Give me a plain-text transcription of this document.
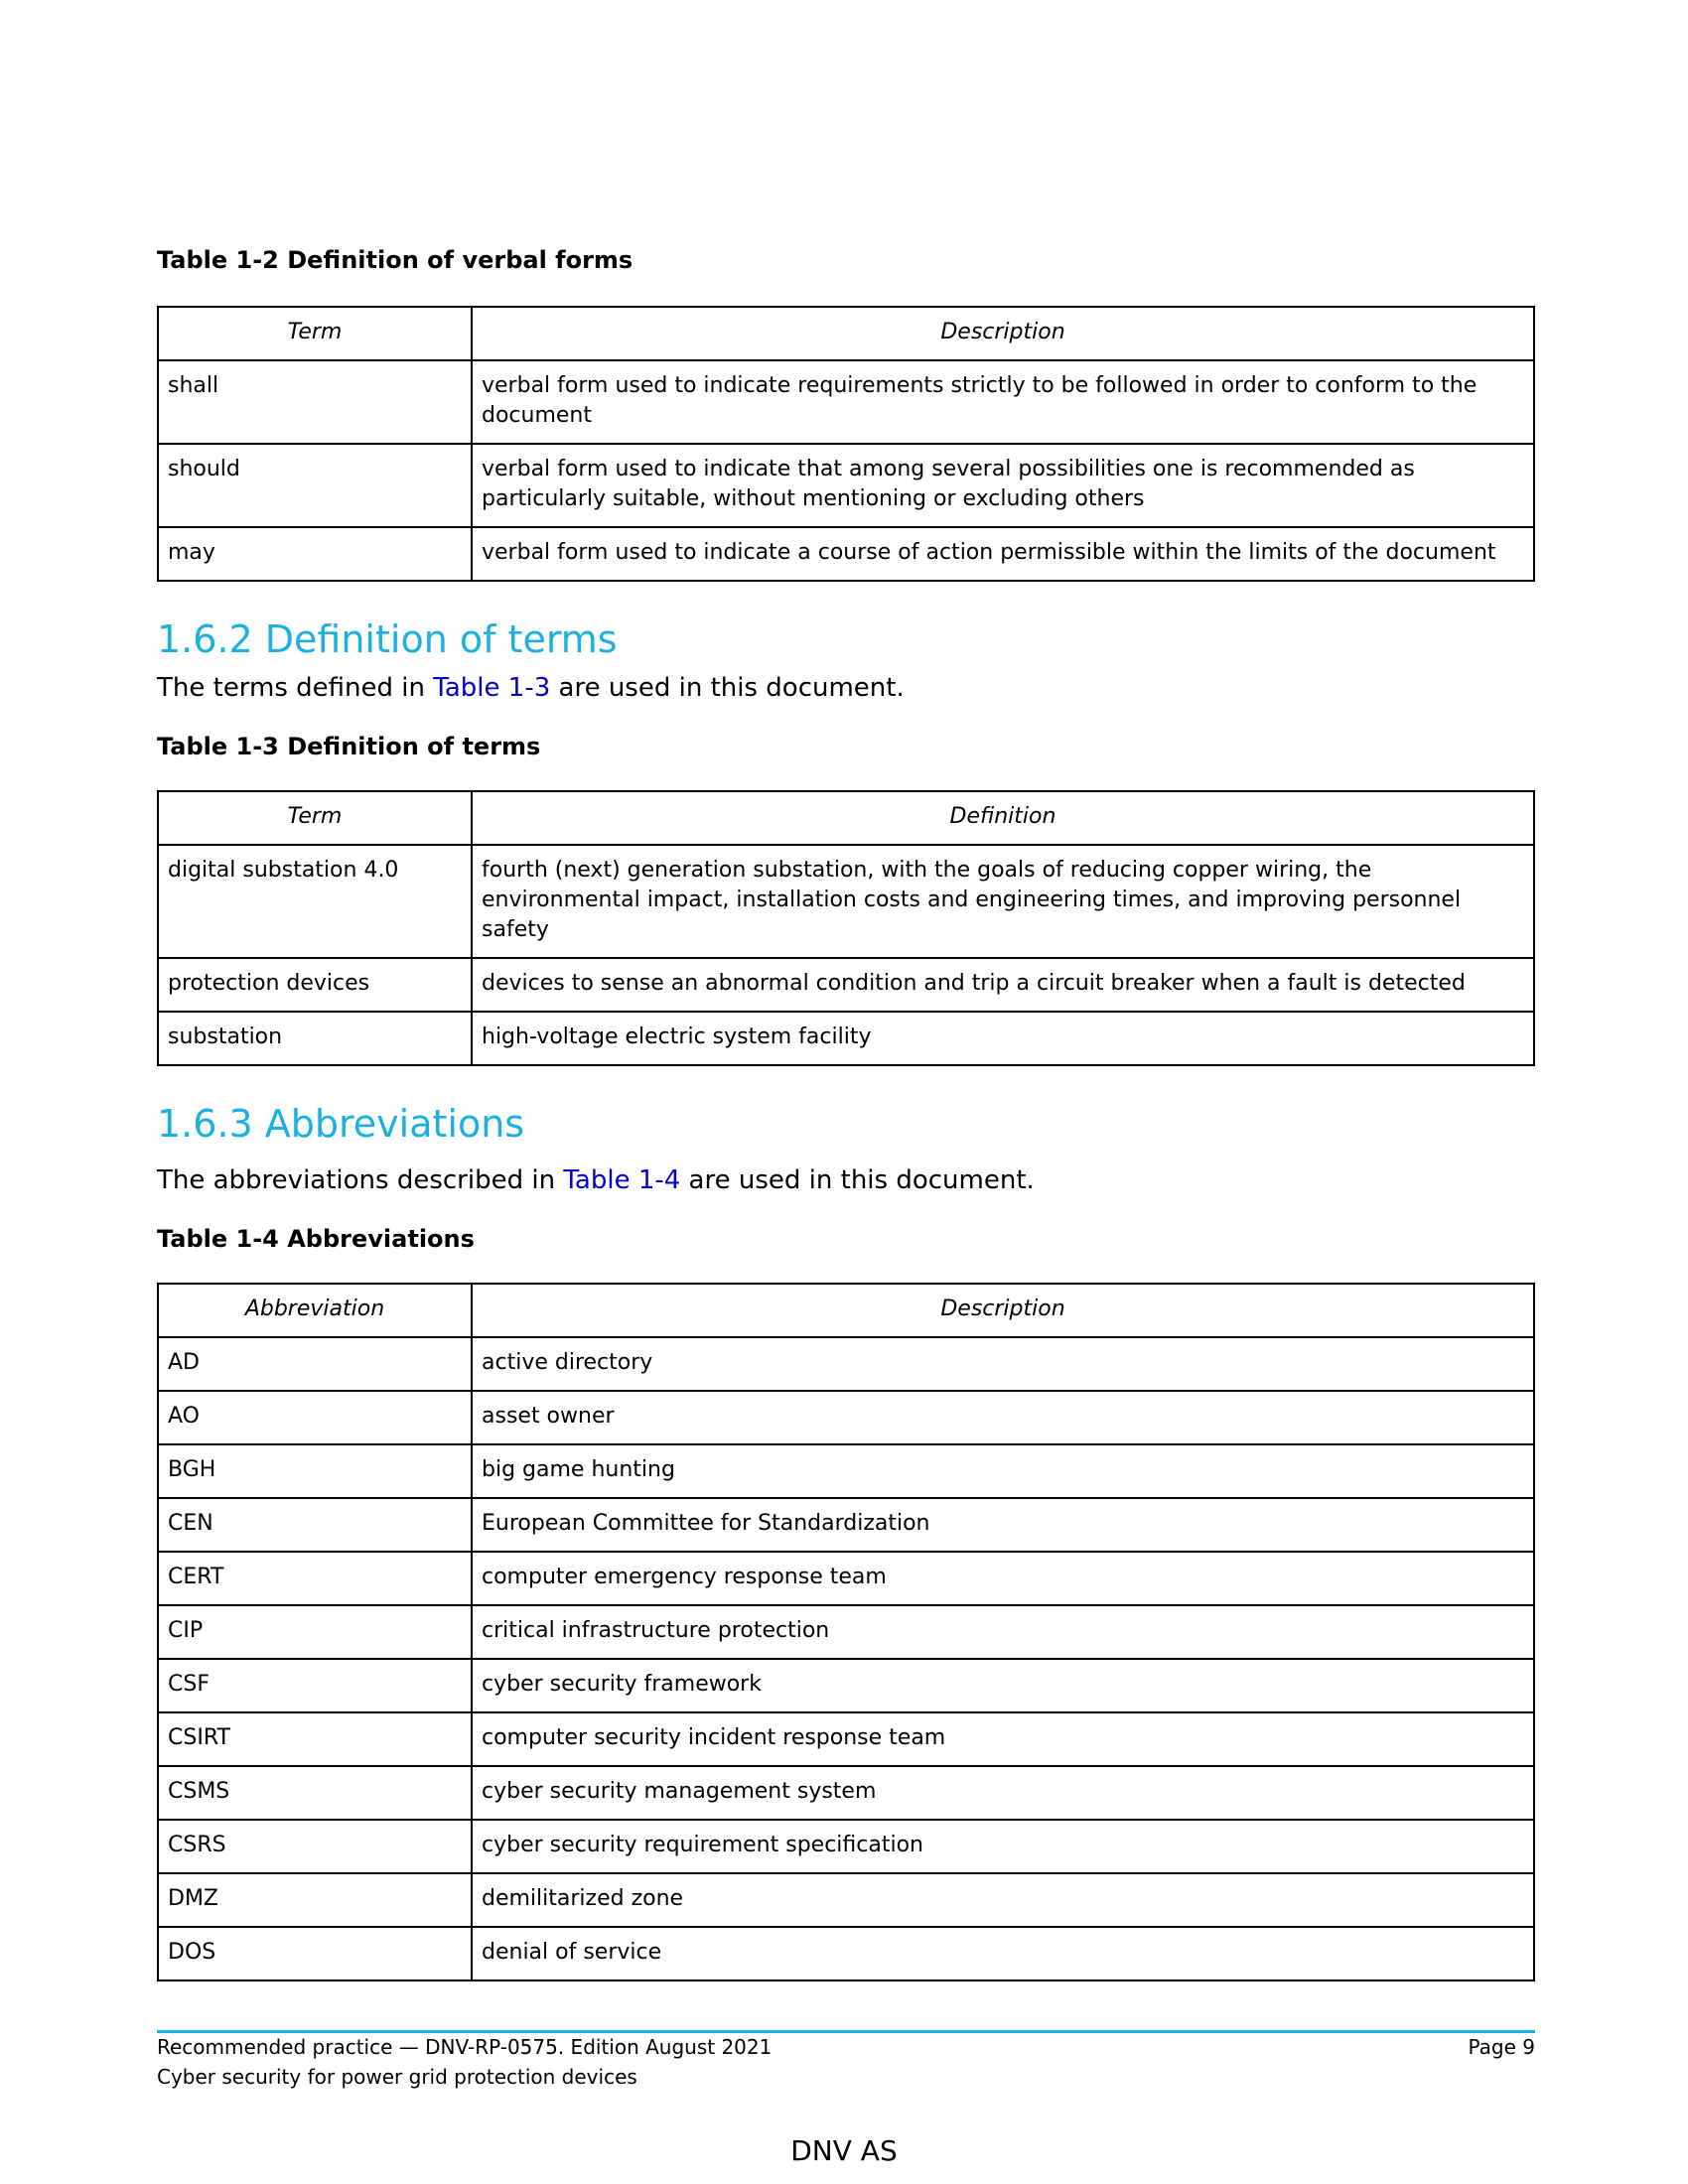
Table 1-2 Definition of verbal forms

Term	Description
shall	verbal form used to indicate requirements strictly to be followed in order to conform to the document
should	verbal form used to indicate that among several possibilities one is recommended as particularly suitable, without mentioning or excluding others
may	verbal form used to indicate a course of action permissible within the limits of the document
1.6.2 Definition of terms

The terms defined in Table 1-3 are used in this document.

Table 1-3 Definition of terms

Term	Definition
digital substation 4.0	fourth (next) generation substation, with the goals of reducing copper wiring, the environmental impact, installation costs and engineering times, and improving personnel safety
protection devices	devices to sense an abnormal condition and trip a circuit breaker when a fault is detected
substation	high-voltage electric system facility
1.6.3 Abbreviations

The abbreviations described in Table 1-4 are used in this document.

Table 1-4 Abbreviations

Abbreviation	Description
AD	active directory
AO	asset owner
BGH	big game hunting
CEN	European Committee for Standardization
CERT	computer emergency response team
CIP	critical infrastructure protection
CSF	cyber security framework
CSIRT	computer security incident response team
CSMS	cyber security management system
CSRS	cyber security requirement specification
DMZ	demilitarized zone
DOS	denial of service
Recommended practice — DNV-RP-0575. Edition August 2021
Cyber security for power grid protection devices
Page 9
DNV AS
